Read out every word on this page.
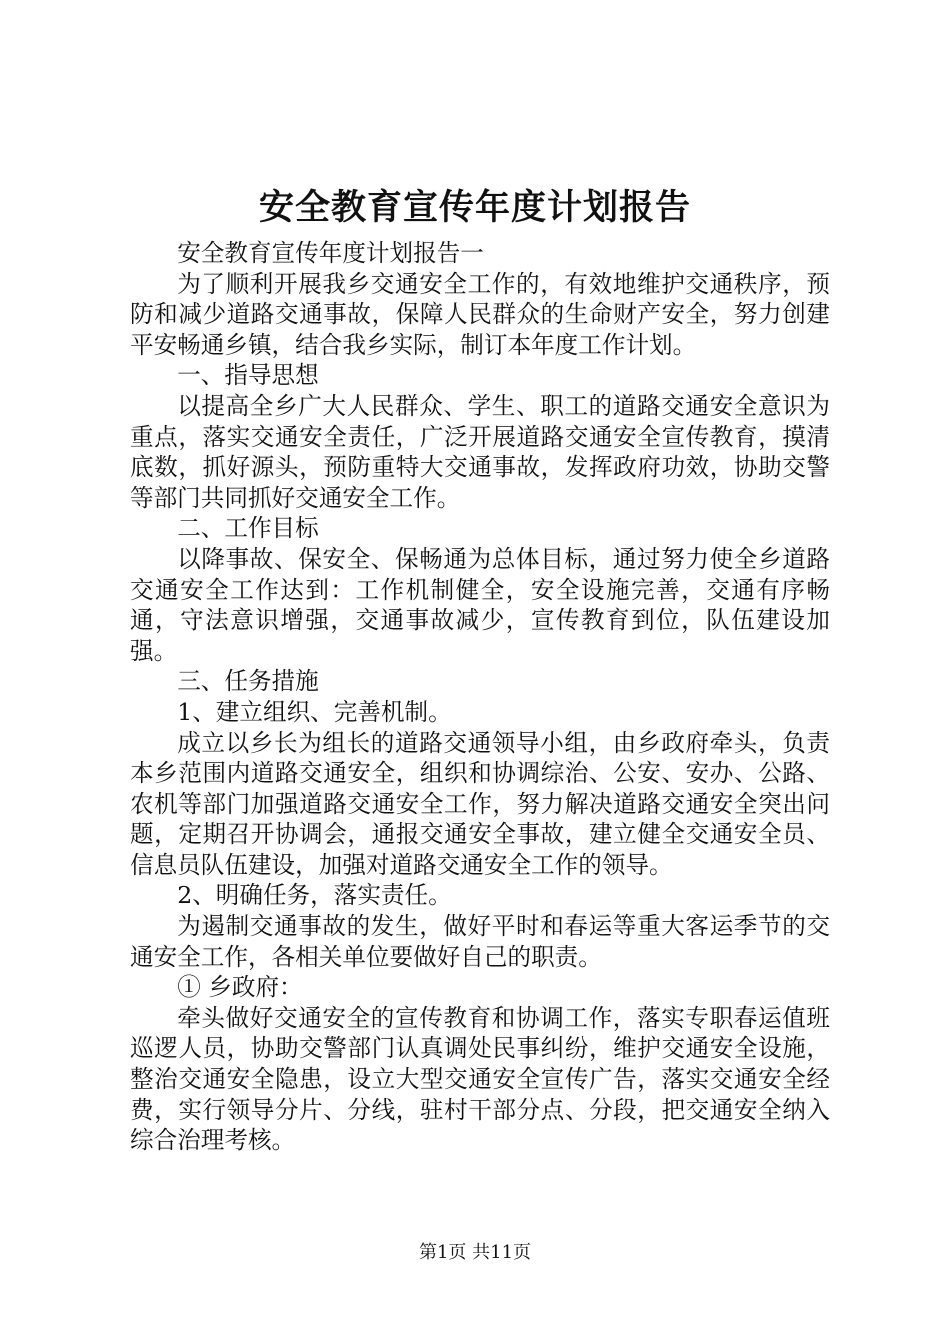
安全教育宣传年度计划报告

安全教育宣传年度计划报告一

为了顺利开展我乡交通安全工作的，有效地维护交通秩序，预防和减少道路交通事故，保障人民群众的生命财产安全，努力创建平安畅通乡镇，结合我乡实际，制订本年度工作计划。

一、指导思想

以提高全乡广大人民群众、学生、职工的道路交通安全意识为重点，落实交通安全责任，广泛开展道路交通安全宣传教育，摸清底数，抓好源头，预防重特大交通事故，发挥政府功效，协助交警等部门共同抓好交通安全工作。

二、工作目标

以降事故、保安全、保畅通为总体目标，通过努力使全乡道路交通安全工作达到：工作机制健全，安全设施完善，交通有序畅通，守法意识增强，交通事故减少，宣传教育到位，队伍建设加强。

三、任务措施

1、建立组织、完善机制。

成立以乡长为组长的道路交通领导小组，由乡政府牵头，负责本乡范围内道路交通安全，组织和协调综治、公安、安办、公路、农机等部门加强道路交通安全工作，努力解决道路交通安全突出问题，定期召开协调会，通报交通安全事故，建立健全交通安全员、信息员队伍建设，加强对道路交通安全工作的领导。

2、明确任务，落实责任。

为遏制交通事故的发生，做好平时和春运等重大客运季节的交通安全工作，各相关单位要做好自己的职责。

① 乡政府：

牵头做好交通安全的宣传教育和协调工作，落实专职春运值班巡逻人员，协助交警部门认真调处民事纠纷，维护交通安全设施，整治交通安全隐患，设立大型交通安全宣传广告，落实交通安全经费，实行领导分片、分线，驻村干部分点、分段，把交通安全纳入综合治理考核。

第1页 共11页
